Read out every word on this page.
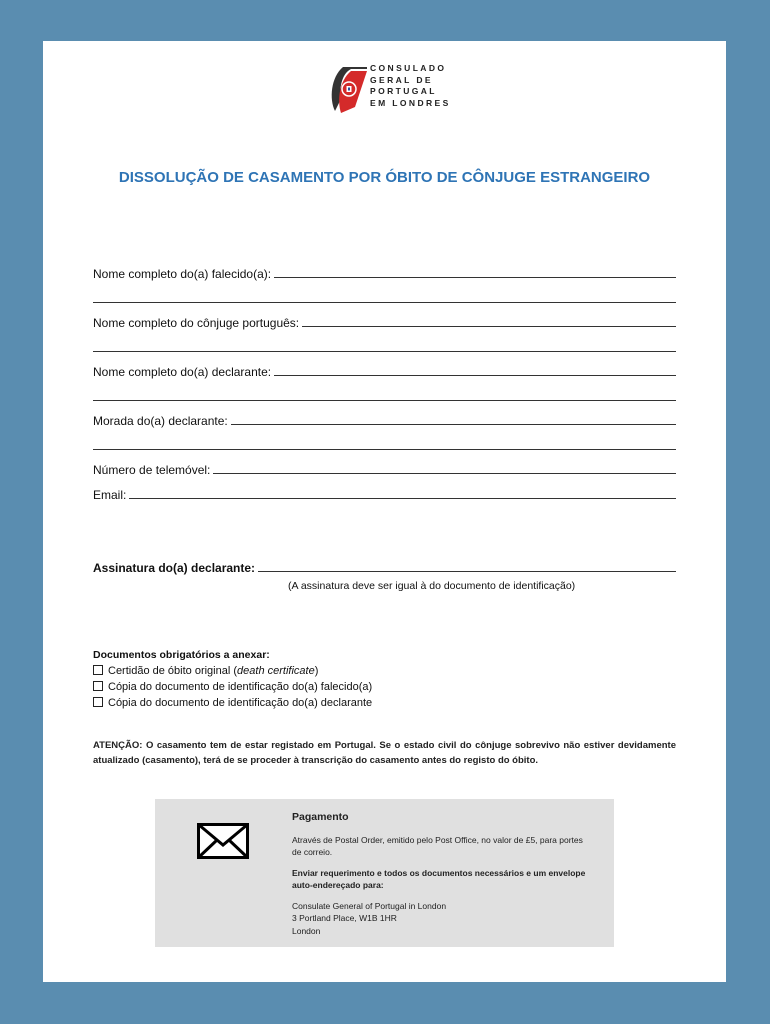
CONSULADO
GERAL DE
PORTUGAL
EM LONDRES
DISSOLUÇÃO DE CASAMENTO POR ÓBITO DE CÔNJUGE ESTRANGEIRO
Nome completo do(a) falecido(a):
Nome completo do cônjuge português:
Nome completo do(a) declarante:
Morada do(a) declarante:
Número de telemóvel:
Email:
Assinatura do(a) declarante:
(A assinatura deve ser igual à do documento de identificação)
Documentos obrigatórios a anexar:
Certidão de óbito original (death certificate)
Cópia do documento de identificação do(a) falecido(a)
Cópia do documento de identificação do(a) declarante
ATENÇÃO: O casamento tem de estar registado em Portugal. Se o estado civil do cônjuge sobrevivo não estiver devidamente atualizado (casamento), terá de se proceder à transcrição do casamento antes do registo do óbito.
Pagamento

Através de Postal Order, emitido pelo Post Office, no valor de £5, para portes de correio.

Enviar requerimento e todos os documentos necessários e um envelope auto-endereçado para:

Consulate General of Portugal in London
3 Portland Place, W1B 1HR
London
